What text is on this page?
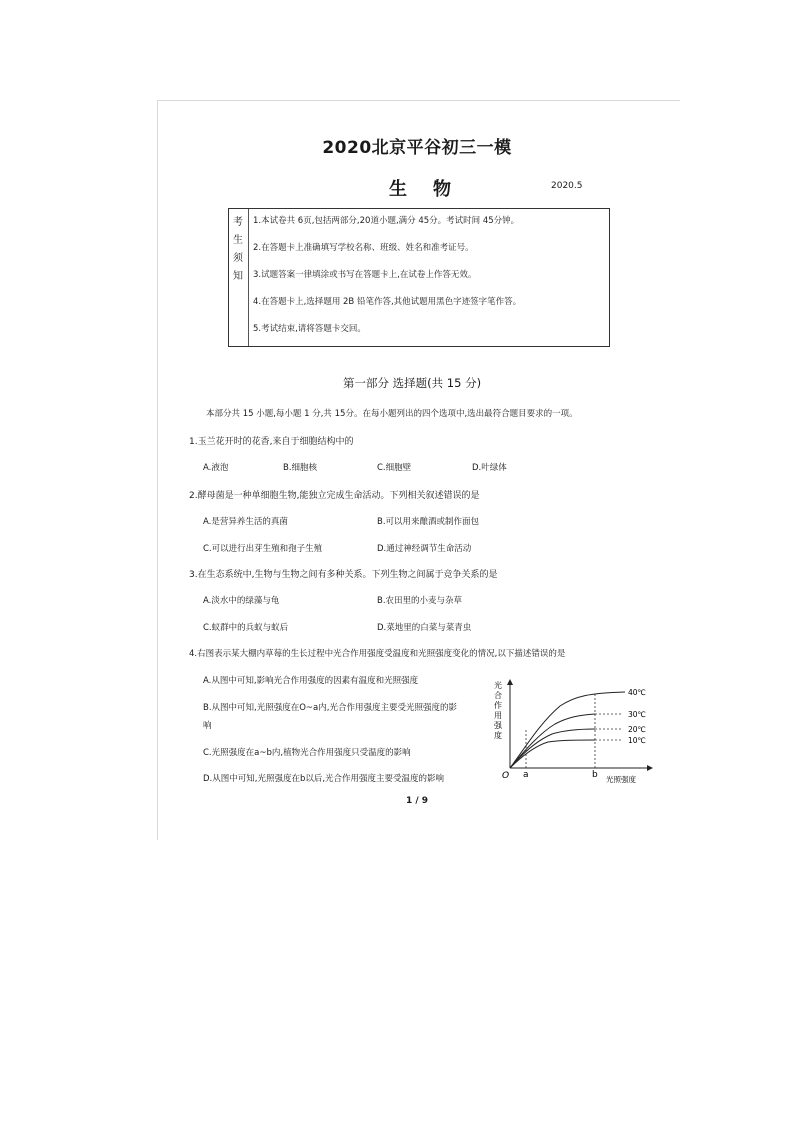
2020北京平谷初三一模
生物	2020.5
考
生
须
知
1.本试卷共 6页,包括两部分,20道小题,满分 45分。考试时间 45分钟。
2.在答题卡上准确填写学校名称、班级、姓名和准考证号。
3.试题答案一律填涂或书写在答题卡上,在试卷上作答无效。
4.在答题卡上,选择题用 2B 铅笔作答,其他试题用黑色字迹签字笔作答。
5.考试结束,请将答题卡交回。
第一部分 选择题(共 15 分)
本部分共 15 小题,每小题 1 分,共 15分。在每小题列出的四个选项中,选出最符合题目要求的一项。
1.玉兰花开时的花香,来自于细胞结构中的
A.液泡	B.细胞核	C.细胞壁	D.叶绿体
2.酵母菌是一种单细胞生物,能独立完成生命活动。下列相关叙述错误的是
A.是营异养生活的真菌	B.可以用来酿酒或制作面包
C.可以进行出芽生殖和孢子生殖	D.通过神经调节生命活动
3.在生态系统中,生物与生物之间有多种关系。下列生物之间属于竞争关系的是
A.淡水中的绿藻与龟	B.农田里的小麦与杂草
C.蚁群中的兵蚁与蚁后	D.菜地里的白菜与菜青虫
4.右图表示某大棚内草莓的生长过程中光合作用强度受温度和光照强度变化的情况,以下描述错误的是
A.从图中可知,影响光合作用强度的因素有温度和光照强度
B.从图中可知,光照强度在O~a内,光合作用强度主要受光照强度的影
响
C.光照强度在a~b内,植物光合作用强度只受温度的影响
D.从图中可知,光照强度在b以后,光合作用强度主要受温度的影响
光
合
作
用
强
度
O a	b 光照强度
40℃
30℃
20℃
10℃
1 / 9
